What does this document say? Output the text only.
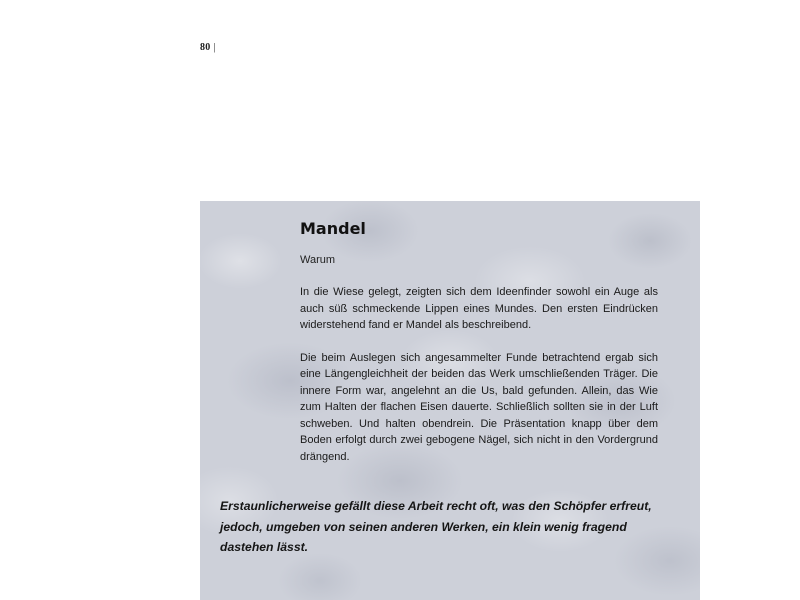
80 |
Mandel

Warum

In die Wiese gelegt, zeigten sich dem Ideenfinder sowohl ein Auge als auch süß schmeckende Lippen eines Mundes. Den ersten Eindrücken widerstehend fand er Mandel als beschreibend.

Die beim Auslegen sich angesammelter Funde betrachtend ergab sich eine Längengleichheit der beiden das Werk umschließenden Träger. Die innere Form war, angelehnt an die Us, bald gefunden. Allein, das Wie zum Halten der flachen Eisen dauerte. Schließlich sollten sie in der Luft schweben. Und halten obendrein. Die Präsentation knapp über dem Boden erfolgt durch zwei gebogene Nägel, sich nicht in den Vordergrund drängend.

Erstaunlicherweise gefällt diese Arbeit recht oft, was den Schöpfer erfreut, jedoch, umgeben von seinen anderen Werken, ein klein wenig fragend dastehen lässt.
